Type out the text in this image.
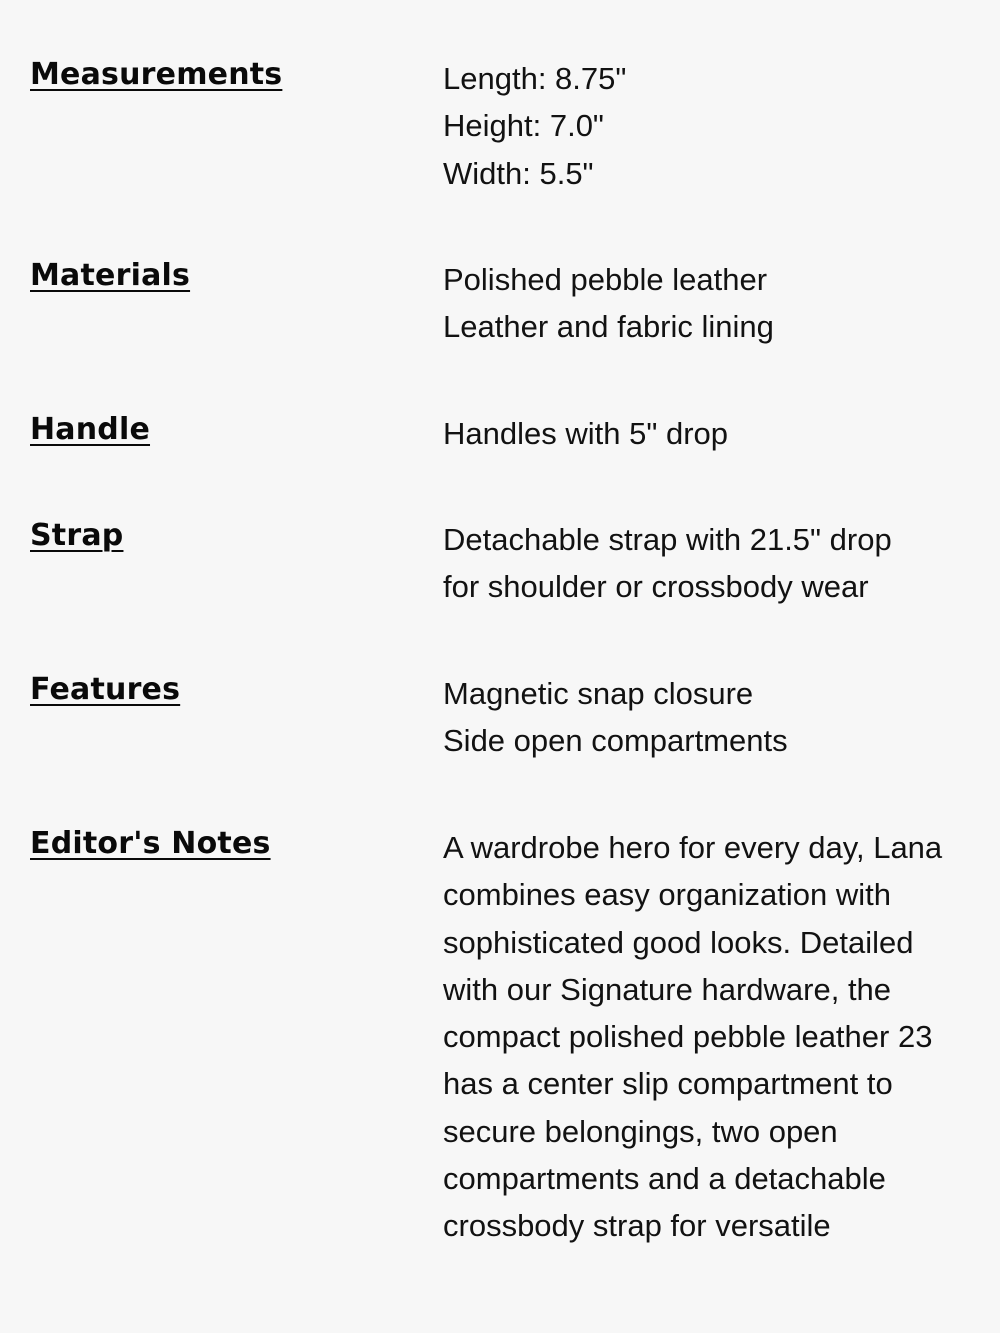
Measurements	Length: 8.75"
Height: 7.0"
Width: 5.5"
Materials	Polished pebble leather
Leather and fabric lining
Handle	Handles with 5" drop
Strap	Detachable strap with 21.5" drop
for shoulder or crossbody wear
Features	Magnetic snap closure
Side open compartments
Editor's Notes	A wardrobe hero for every day, Lana combines easy organization with sophisticated good looks. Detailed with our Signature hardware, the compact polished pebble leather 23 has a center slip compartment to secure belongings, two open compartments and a detachable crossbody strap for versatile
